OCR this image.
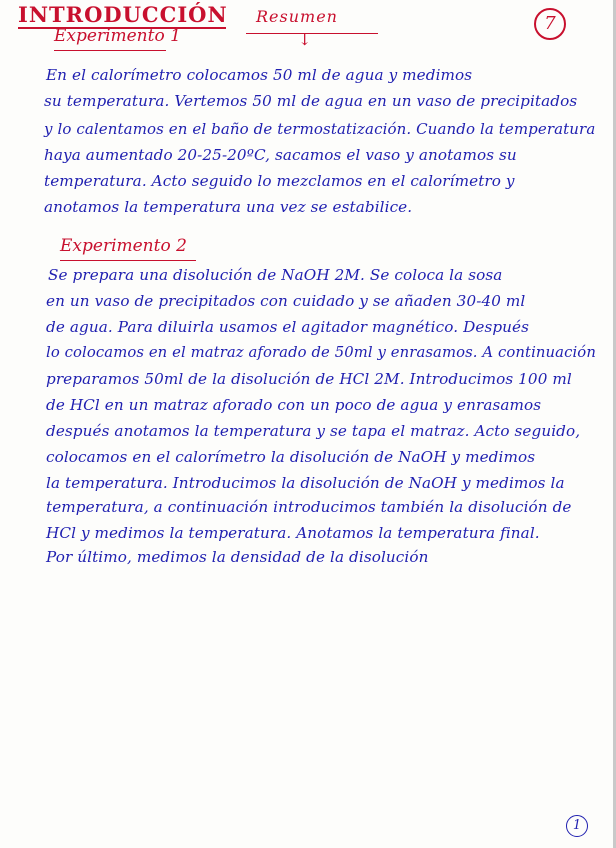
INTRODUCCIÓN Resumen
↓
7
Experimento 1
En el calorímetro colocamos 50 ml de agua y medimos
su temperatura. Vertemos 50 ml de agua en un vaso de precipitados
y lo calentamos en el baño de termostatización. Cuando la temperatura
haya aumentado 20-25-20ºC, sacamos el vaso y anotamos su
temperatura. Acto seguido lo mezclamos en el calorímetro y
anotamos la temperatura una vez se estabilice.
Experimento 2
Se prepara una disolución de NaOH 2M. Se coloca la sosa
en un vaso de precipitados con cuidado y se añaden 30-40 ml
de agua. Para diluirla usamos el agitador magnético. Después
lo colocamos en el matraz aforado de 50ml y enrasamos. A continuación
preparamos 50ml de la disolución de HCl 2M. Introducimos 100 ml
de HCl en un matraz aforado con un poco de agua y enrasamos
después anotamos la temperatura y se tapa el matraz. Acto seguido,
colocamos en el calorímetro la disolución de NaOH y medimos
la temperatura. Introducimos la disolución de NaOH y medimos la
temperatura, a continuación introducimos también la disolución de
HCl y medimos la temperatura. Anotamos la temperatura final.
Por último, medimos la densidad de la disolución
1
